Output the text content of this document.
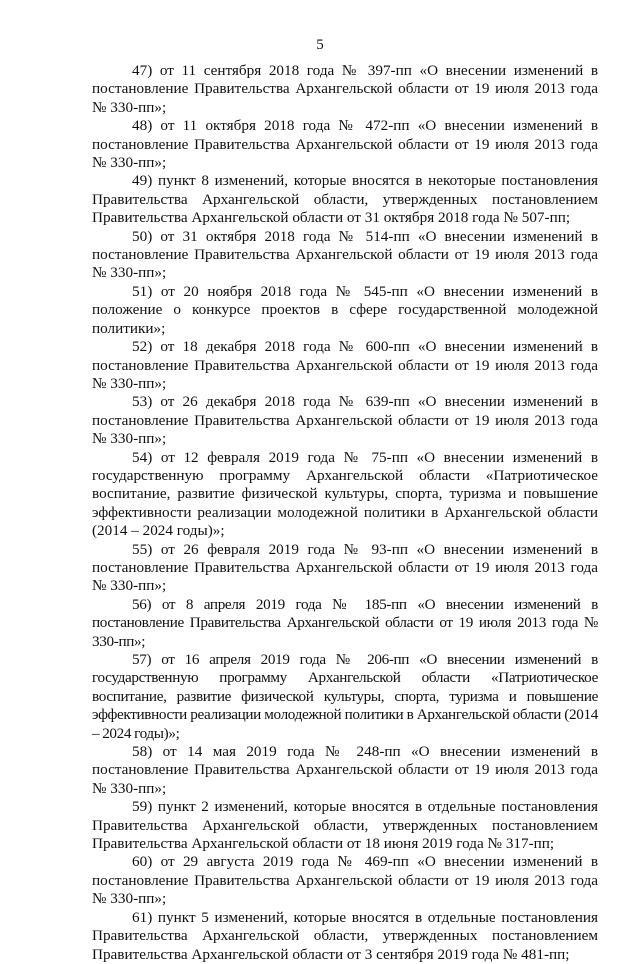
5

47) от 11 сентября 2018 года № 397-пп «О внесении изменений в постановление Правительства Архангельской области от 19 июля 2013 года № 330-пп»;

48) от 11 октября 2018 года № 472-пп «О внесении изменений в постановление Правительства Архангельской области от 19 июля 2013 года № 330-пп»;

49) пункт 8 изменений, которые вносятся в некоторые постановления Правительства Архангельской области, утвержденных постановлением Правительства Архангельской области от 31 октября 2018 года № 507-пп;

50) от 31 октября 2018 года № 514-пп «О внесении изменений в постановление Правительства Архангельской области от 19 июля 2013 года № 330-пп»;

51) от 20 ноября 2018 года № 545-пп «О внесении изменений в положение о конкурсе проектов в сфере государственной молодежной политики»;

52) от 18 декабря 2018 года № 600-пп «О внесении изменений в постановление Правительства Архангельской области от 19 июля 2013 года № 330-пп»;

53) от 26 декабря 2018 года № 639-пп «О внесении изменений в постановление Правительства Архангельской области от 19 июля 2013 года № 330-пп»;

54) от 12 февраля 2019 года № 75-пп «О внесении изменений в государственную программу Архангельской области «Патриотическое воспитание, развитие физической культуры, спорта, туризма и повышение эффективности реализации молодежной политики в Архангельской области (2014 – 2024 годы)»;

55) от 26 февраля 2019 года № 93-пп «О внесении изменений в постановление Правительства Архангельской области от 19 июля 2013 года № 330-пп»;

56) от 8 апреля 2019 года № 185-пп «О внесении изменений в постановление Правительства Архангельской области от 19 июля 2013 года № 330-пп»;

57) от 16 апреля 2019 года № 206-пп «О внесении изменений в государственную программу Архангельской области «Патриотическое воспитание, развитие физической культуры, спорта, туризма и повышение эффективности реализации молодежной политики в Архангельской области (2014 – 2024 годы)»;

58) от 14 мая 2019 года № 248-пп «О внесении изменений в постановление Правительства Архангельской области от 19 июля 2013 года № 330-пп»;

59) пункт 2 изменений, которые вносятся в отдельные постановления Правительства Архангельской области, утвержденных постановлением Правительства Архангельской области от 18 июня 2019 года № 317-пп;

60) от 29 августа 2019 года № 469-пп «О внесении изменений в постановление Правительства Архангельской области от 19 июля 2013 года № 330-пп»;

61) пункт 5 изменений, которые вносятся в отдельные постановления Правительства Архангельской области, утвержденных постановлением Правительства Архангельской области от 3 сентября 2019 года № 481-пп;
